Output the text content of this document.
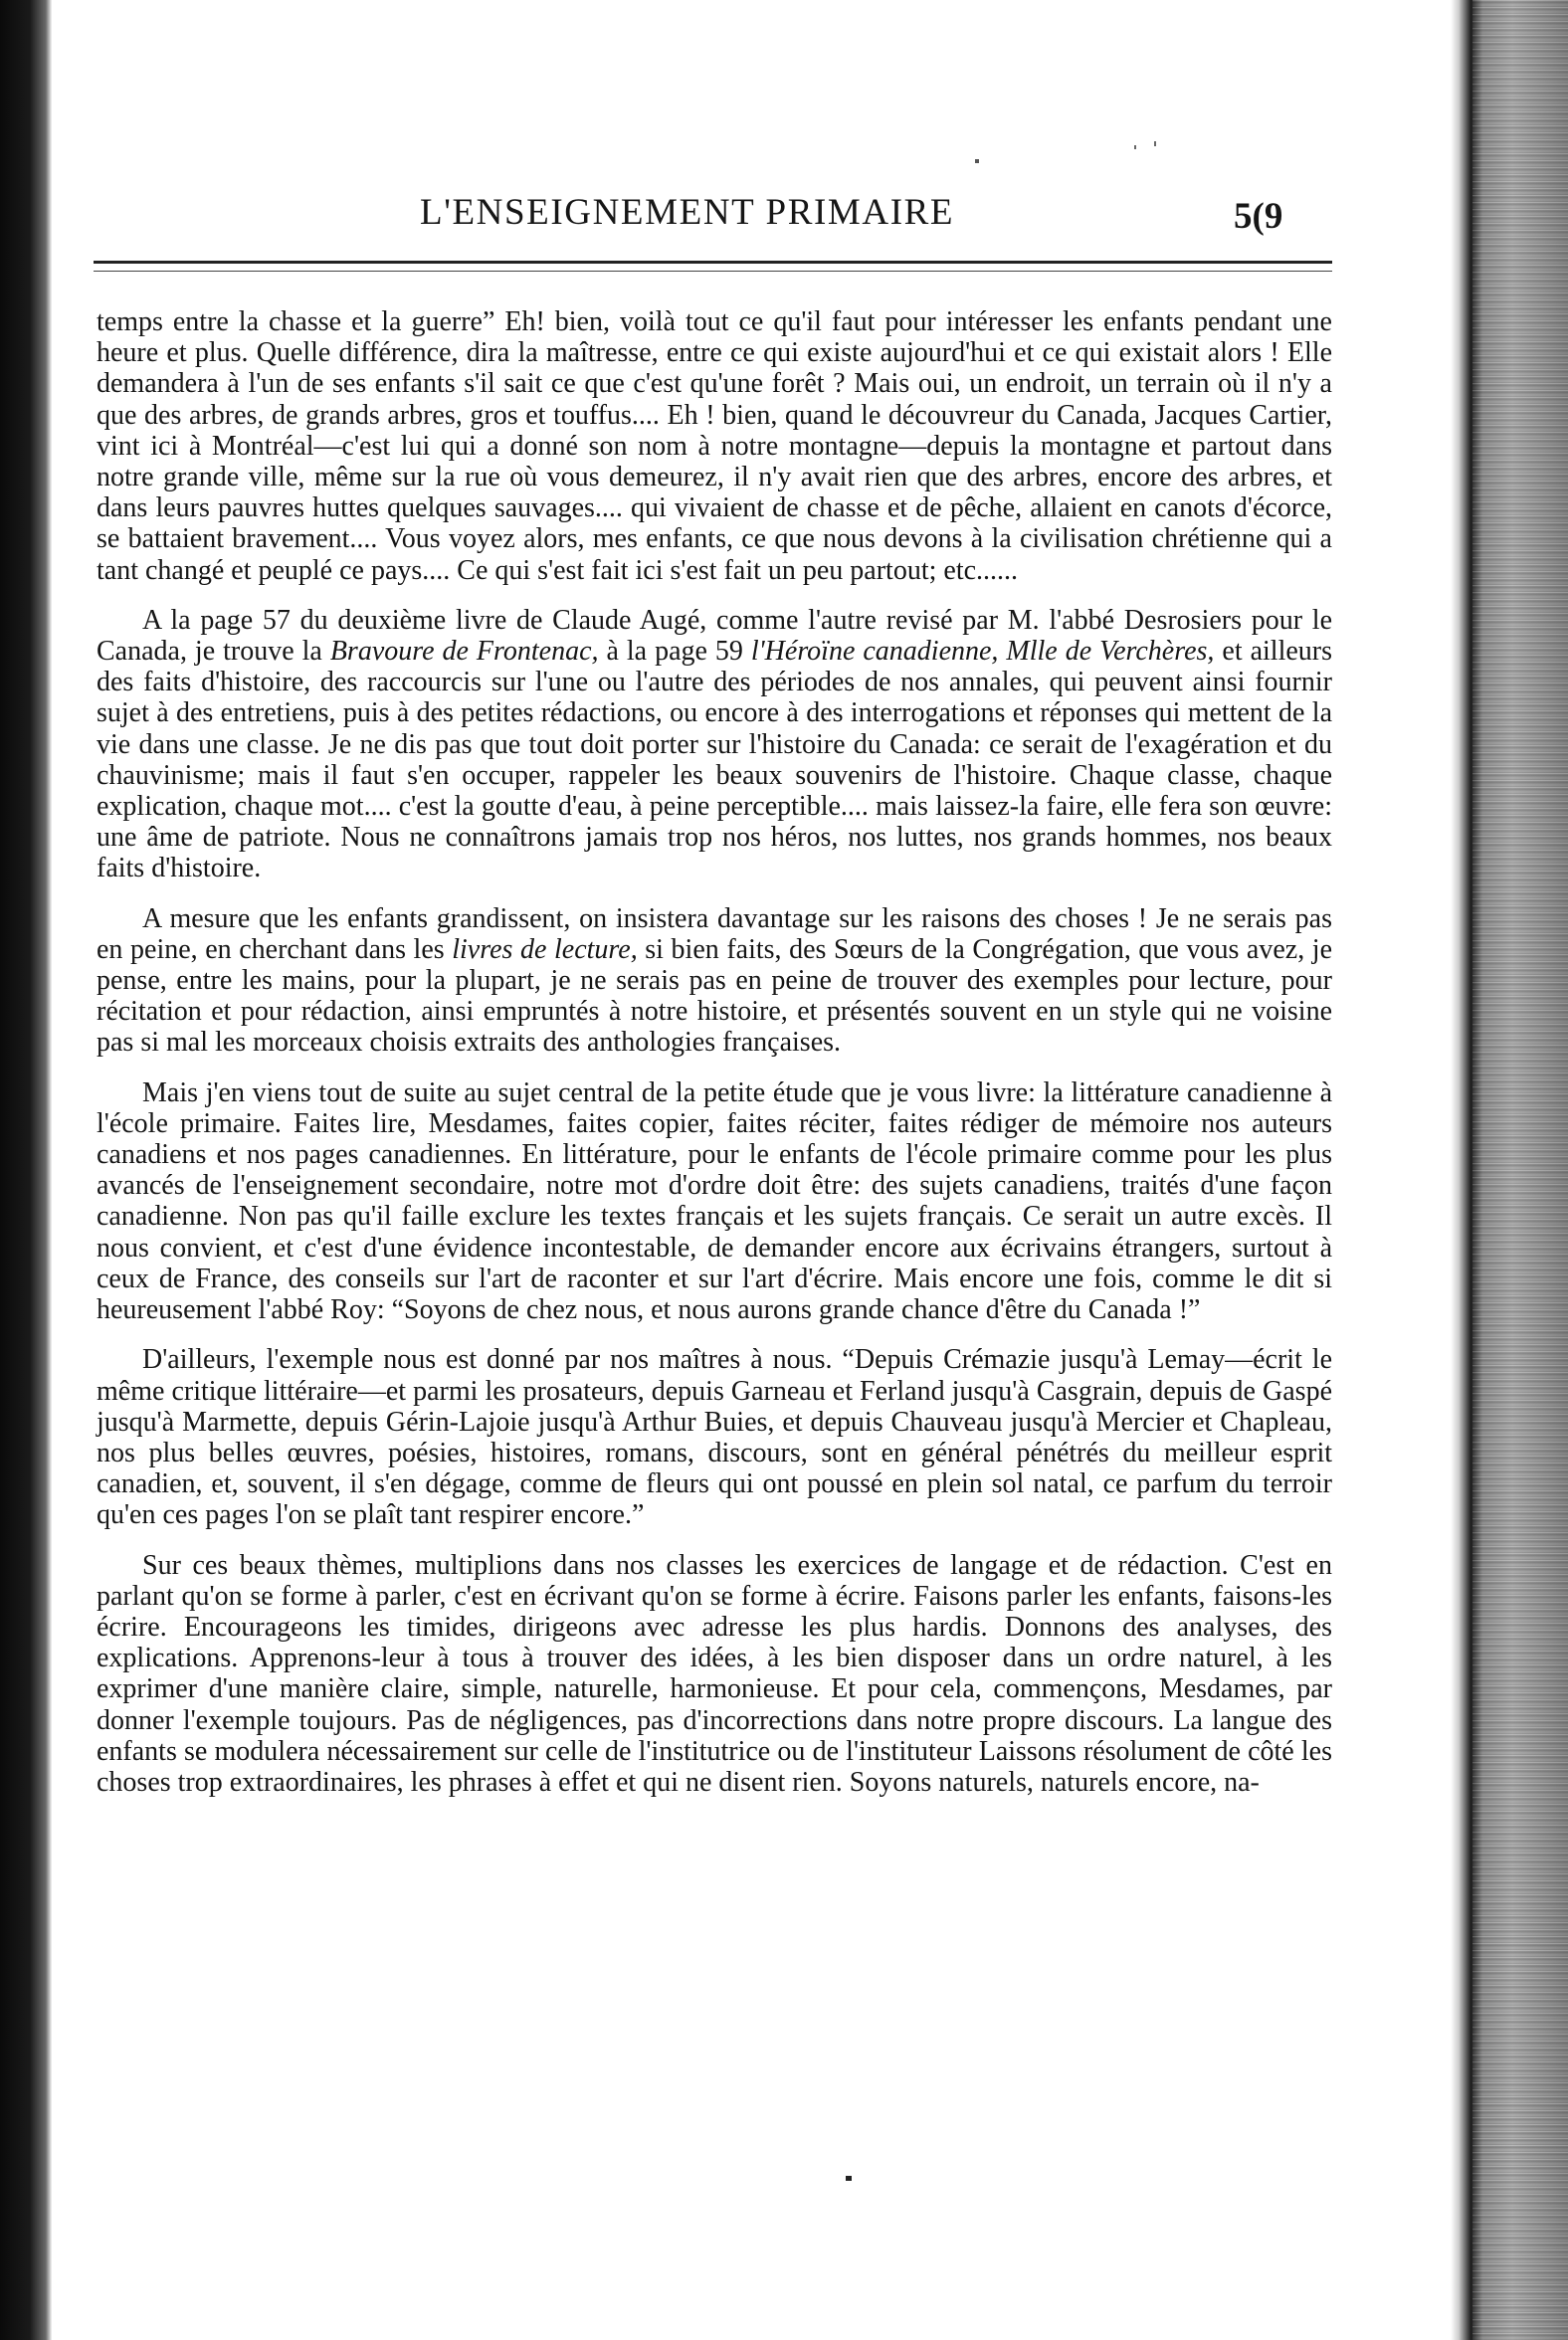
L'ENSEIGNEMENT PRIMAIRE	5(9

temps entre la chasse et la guerre” Eh! bien, voilà tout ce qu'il faut pour intéresser les enfants pendant une heure et plus. Quelle différence, dira la maîtresse, entre ce qui existe aujourd'hui et ce qui existait alors ! Elle demandera à l'un de ses enfants s'il sait ce que c'est qu'une forêt ? Mais oui, un endroit, un terrain où il n'y a que des arbres, de grands arbres, gros et touffus.... Eh ! bien, quand le découvreur du Canada, Jacques Cartier, vint ici à Montréal—c'est lui qui a donné son nom à notre montagne—depuis la montagne et partout dans notre grande ville, même sur la rue où vous demeurez, il n'y avait rien que des arbres, encore des arbres, et dans leurs pauvres huttes quelques sauvages.... qui vivaient de chasse et de pêche, allaient en canots d'écorce, se battaient bravement.... Vous voyez alors, mes enfants, ce que nous devons à la civilisation chrétienne qui a tant changé et peuplé ce pays.... Ce qui s'est fait ici s'est fait un peu partout; etc......

A la page 57 du deuxième livre de Claude Augé, comme l'autre revisé par M. l'abbé Desrosiers pour le Canada, je trouve la Bravoure de Frontenac, à la page 59 l'Héroïne canadienne, Mlle de Verchères, et ailleurs des faits d'histoire, des raccourcis sur l'une ou l'autre des périodes de nos annales, qui peuvent ainsi fournir sujet à des entretiens, puis à des petites rédactions, ou encore à des interrogations et réponses qui mettent de la vie dans une classe. Je ne dis pas que tout doit porter sur l'histoire du Canada: ce serait de l'exagération et du chauvinisme; mais il faut s'en occuper, rappeler les beaux souvenirs de l'histoire. Chaque classe, chaque explication, chaque mot.... c'est la goutte d'eau, à peine perceptible.... mais laissez-la faire, elle fera son œuvre: une âme de patriote. Nous ne connaîtrons jamais trop nos héros, nos luttes, nos grands hommes, nos beaux faits d'histoire.

A mesure que les enfants grandissent, on insistera davantage sur les raisons des choses ! Je ne serais pas en peine, en cherchant dans les livres de lecture, si bien faits, des Sœurs de la Congrégation, que vous avez, je pense, entre les mains, pour la plupart, je ne serais pas en peine de trouver des exemples pour lecture, pour récitation et pour rédaction, ainsi empruntés à notre histoire, et présentés souvent en un style qui ne voisine pas si mal les morceaux choisis extraits des anthologies françaises.

Mais j'en viens tout de suite au sujet central de la petite étude que je vous livre: la littérature canadienne à l'école primaire. Faites lire, Mesdames, faites copier, faites réciter, faites rédiger de mémoire nos auteurs canadiens et nos pages canadiennes. En littérature, pour le enfants de l'école primaire comme pour les plus avancés de l'enseignement secondaire, notre mot d'ordre doit être: des sujets canadiens, traités d'une façon canadienne. Non pas qu'il faille exclure les textes français et les sujets français. Ce serait un autre excès. Il nous convient, et c'est d'une évidence incontestable, de demander encore aux écrivains étrangers, surtout à ceux de France, des conseils sur l'art de raconter et sur l'art d'écrire. Mais encore une fois, comme le dit si heureusement l'abbé Roy: “Soyons de chez nous, et nous aurons grande chance d'être du Canada !”

D'ailleurs, l'exemple nous est donné par nos maîtres à nous. “Depuis Crémazie jusqu'à Lemay—écrit le même critique littéraire—et parmi les prosateurs, depuis Garneau et Ferland jusqu'à Casgrain, depuis de Gaspé jusqu'à Marmette, depuis Gérin-Lajoie jusqu'à Arthur Buies, et depuis Chauveau jusqu'à Mercier et Chapleau, nos plus belles œuvres, poésies, histoires, romans, discours, sont en général pénétrés du meilleur esprit canadien, et, souvent, il s'en dégage, comme de fleurs qui ont poussé en plein sol natal, ce parfum du terroir qu'en ces pages l'on se plaît tant respirer encore.”

Sur ces beaux thèmes, multiplions dans nos classes les exercices de langage et de rédaction. C'est en parlant qu'on se forme à parler, c'est en écrivant qu'on se forme à écrire. Faisons parler les enfants, faisons-les écrire. Encourageons les timides, dirigeons avec adresse les plus hardis. Donnons des analyses, des explications. Apprenons-leur à tous à trouver des idées, à les bien disposer dans un ordre naturel, à les exprimer d'une manière claire, simple, naturelle, harmonieuse. Et pour cela, commençons, Mesdames, par donner l'exemple toujours. Pas de négligences, pas d'incorrections dans notre propre discours. La langue des enfants se modulera nécessairement sur celle de l'institutrice ou de l'instituteur Laissons résolument de côté les choses trop extraordinaires, les phrases à effet et qui ne disent rien. Soyons naturels, naturels encore, na-
